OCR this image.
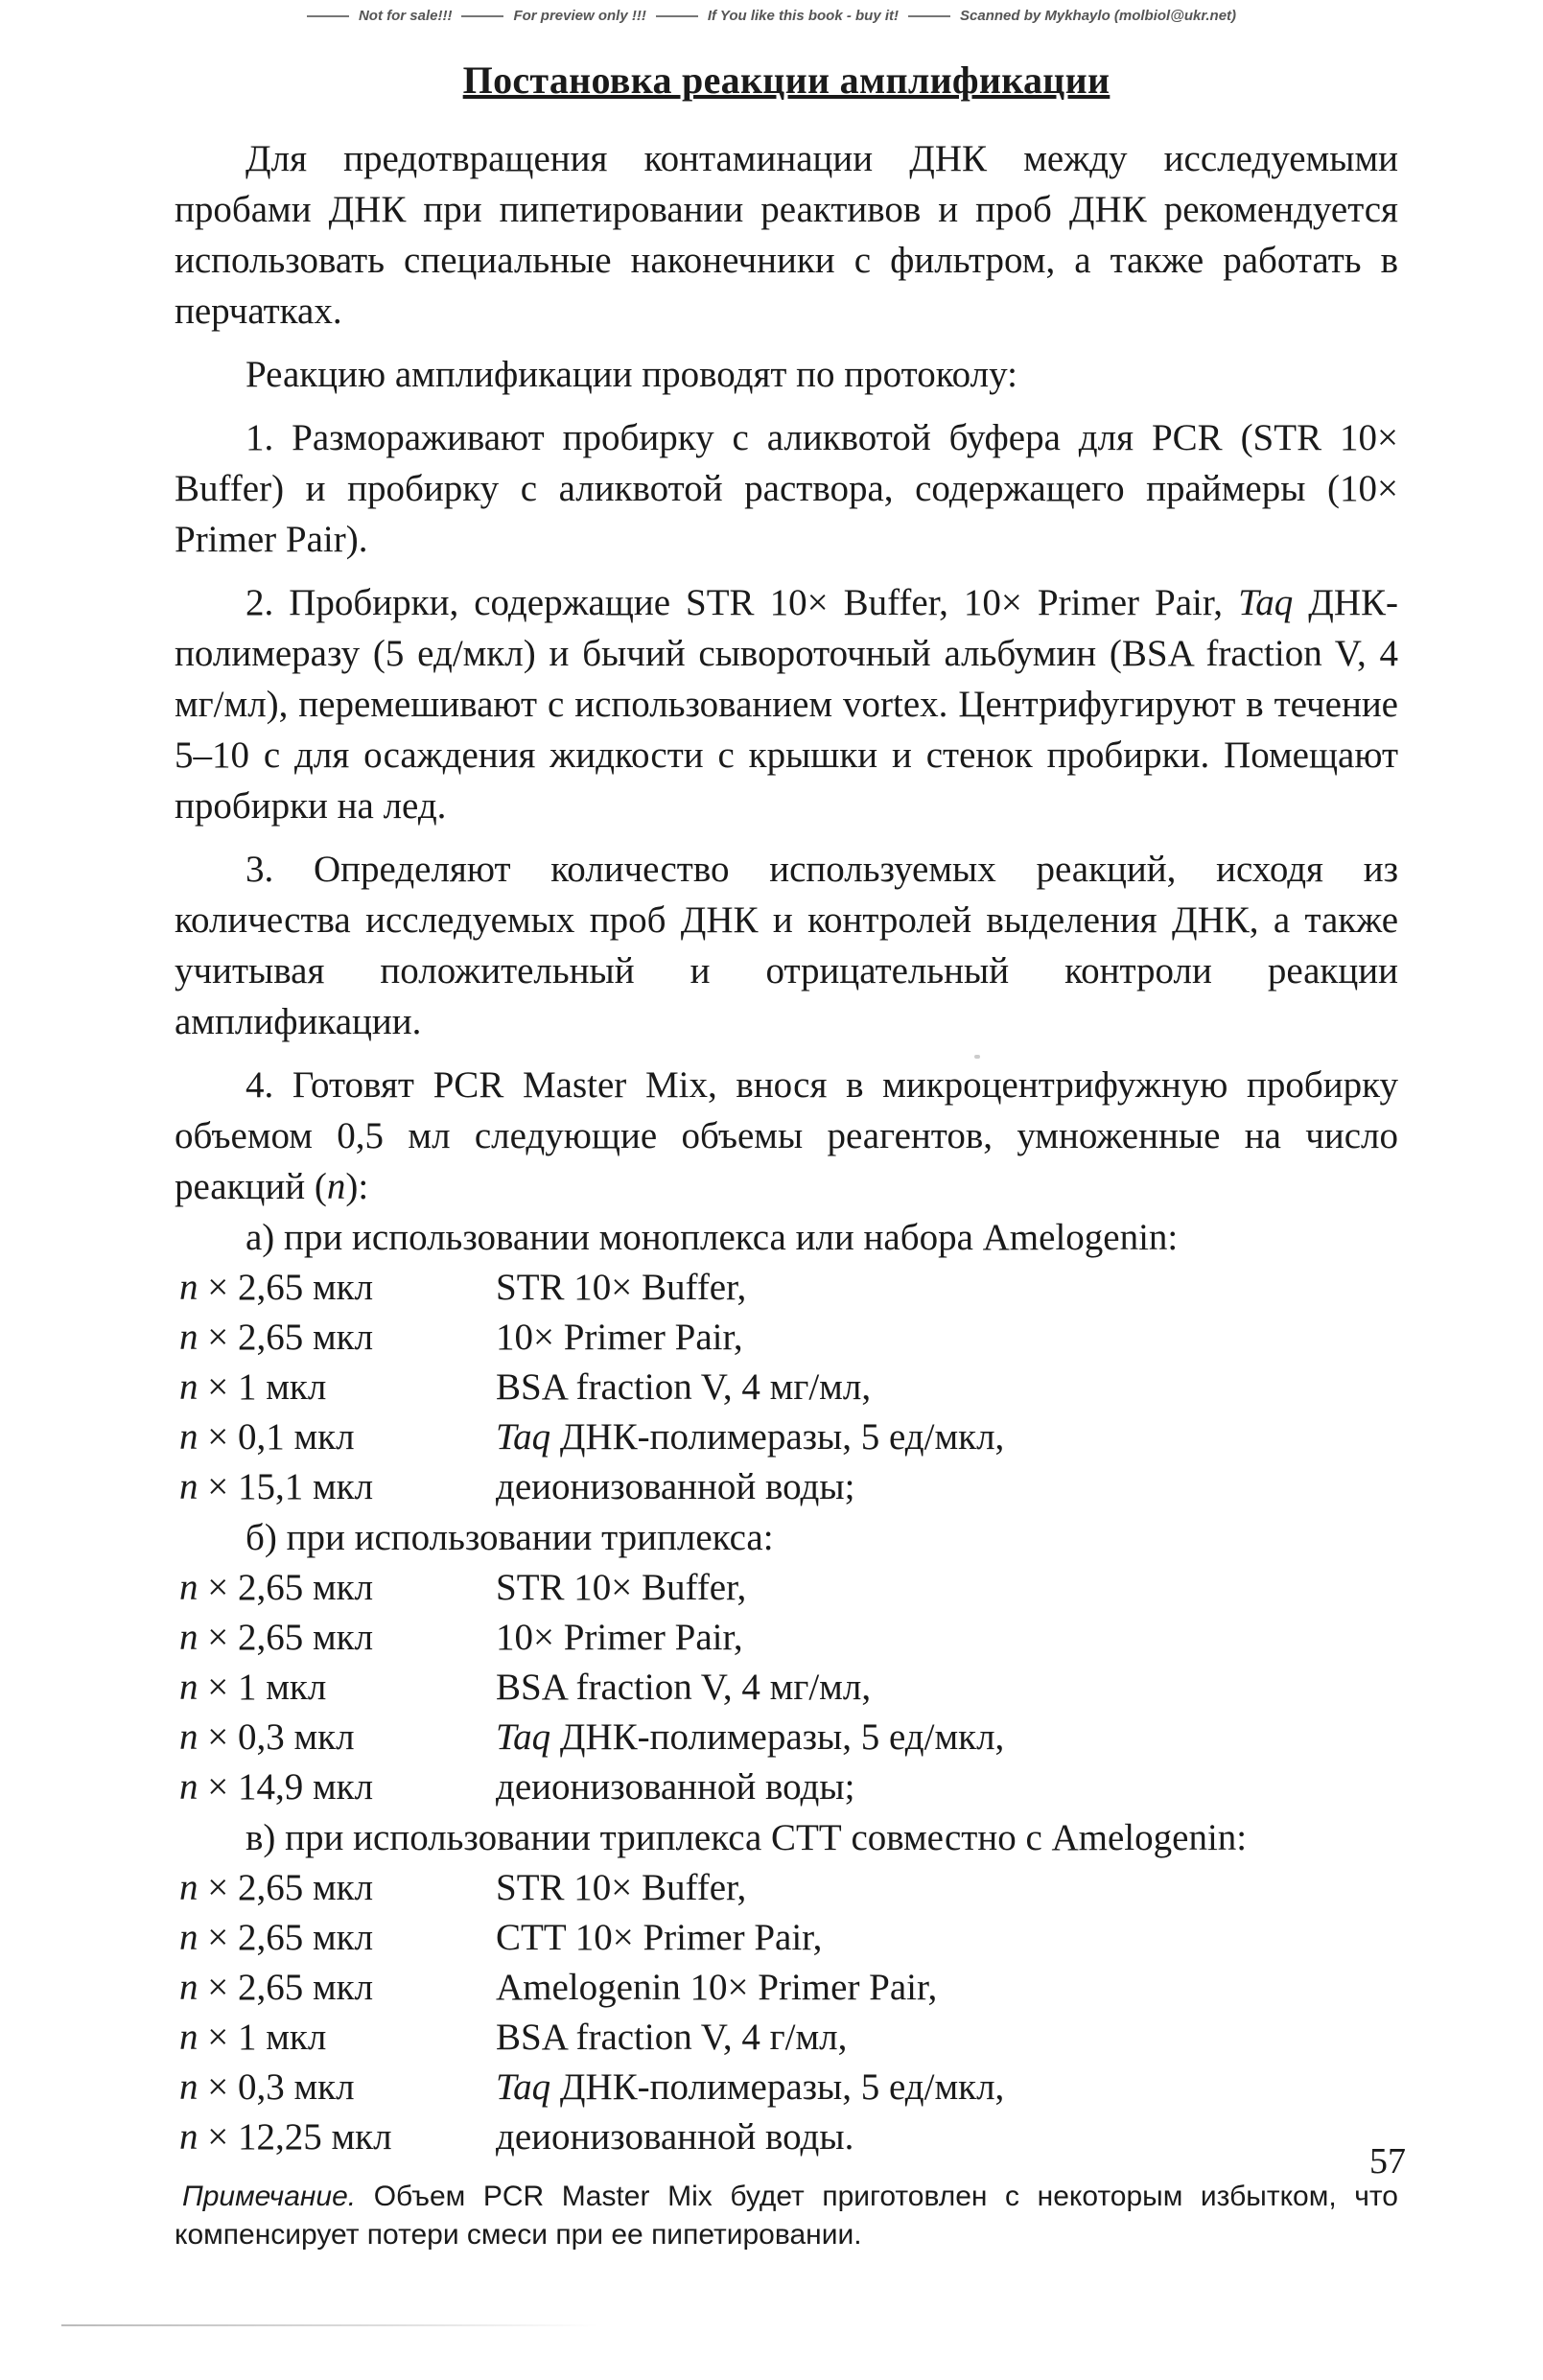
Not for sale!!!	For preview only !!!	If You like this book - buy it!	Scanned by Mykhaylo (molbiol@ukr.net)
Постановка реакции амплификации

Для предотвращения контаминации ДНК между исследуемыми пробами ДНК при пипетировании реактивов и проб ДНК рекомендуется использовать специальные наконечники с фильтром, а также работать в перчатках.

Реакцию амплификации проводят по протоколу:

1. Размораживают пробирку с аликвотой буфера для PCR (STR 10× Buffer) и пробирку с аликвотой раствора, содержащего праймеры (10× Primer Pair).

2. Пробирки, содержащие STR 10× Buffer, 10× Primer Pair, Taq ДНК-полимеразу (5 ед/мкл) и бычий сывороточный альбумин (BSA fraction V, 4 мг/мл), перемешивают с использованием vortex. Центрифугируют в течение 5–10 с для осаждения жидкости с крышки и стенок пробирки. Помещают пробирки на лед.

3. Определяют количество используемых реакций, исходя из количества исследуемых проб ДНК и контролей выделения ДНК, а также учитывая положительный и отрицательный контроли реакции амплификации.

4. Готовят PCR Master Mix, внося в микроцентрифужную пробирку объемом 0,5 мл следующие объемы реагентов, умноженные на число реакций (n):

а) при использовании моноплекса или набора Amelogenin:
n × 2,65 мкл	STR 10× Buffer,
n × 2,65 мкл	10× Primer Pair,
n × 1 мкл	BSA fraction V, 4 мг/мл,
n × 0,1 мкл	Taq ДНК-полимеразы, 5 ед/мкл,
n × 15,1 мкл	деионизованной воды;
б) при использовании триплекса:
n × 2,65 мкл	STR 10× Buffer,
n × 2,65 мкл	10× Primer Pair,
n × 1 мкл	BSA fraction V, 4 мг/мл,
n × 0,3 мкл	Taq ДНК-полимеразы, 5 ед/мкл,
n × 14,9 мкл	деионизованной воды;
в) при использовании триплекса СТТ совместно с Amelogenin:
n × 2,65 мкл	STR 10× Buffer,
n × 2,65 мкл	CTT 10× Primer Pair,
n × 2,65 мкл	Amelogenin 10× Primer Pair,
n × 1 мкл	BSA fraction V, 4 г/мл,
n × 0,3 мкл	Taq ДНК-полимеразы, 5 ед/мкл,
n × 12,25 мкл	деионизованной воды.

Примечание. Объем PCR Master Mix будет приготовлен с некоторым избытком, что компенсирует потери смеси при ее пипетировании.

57
